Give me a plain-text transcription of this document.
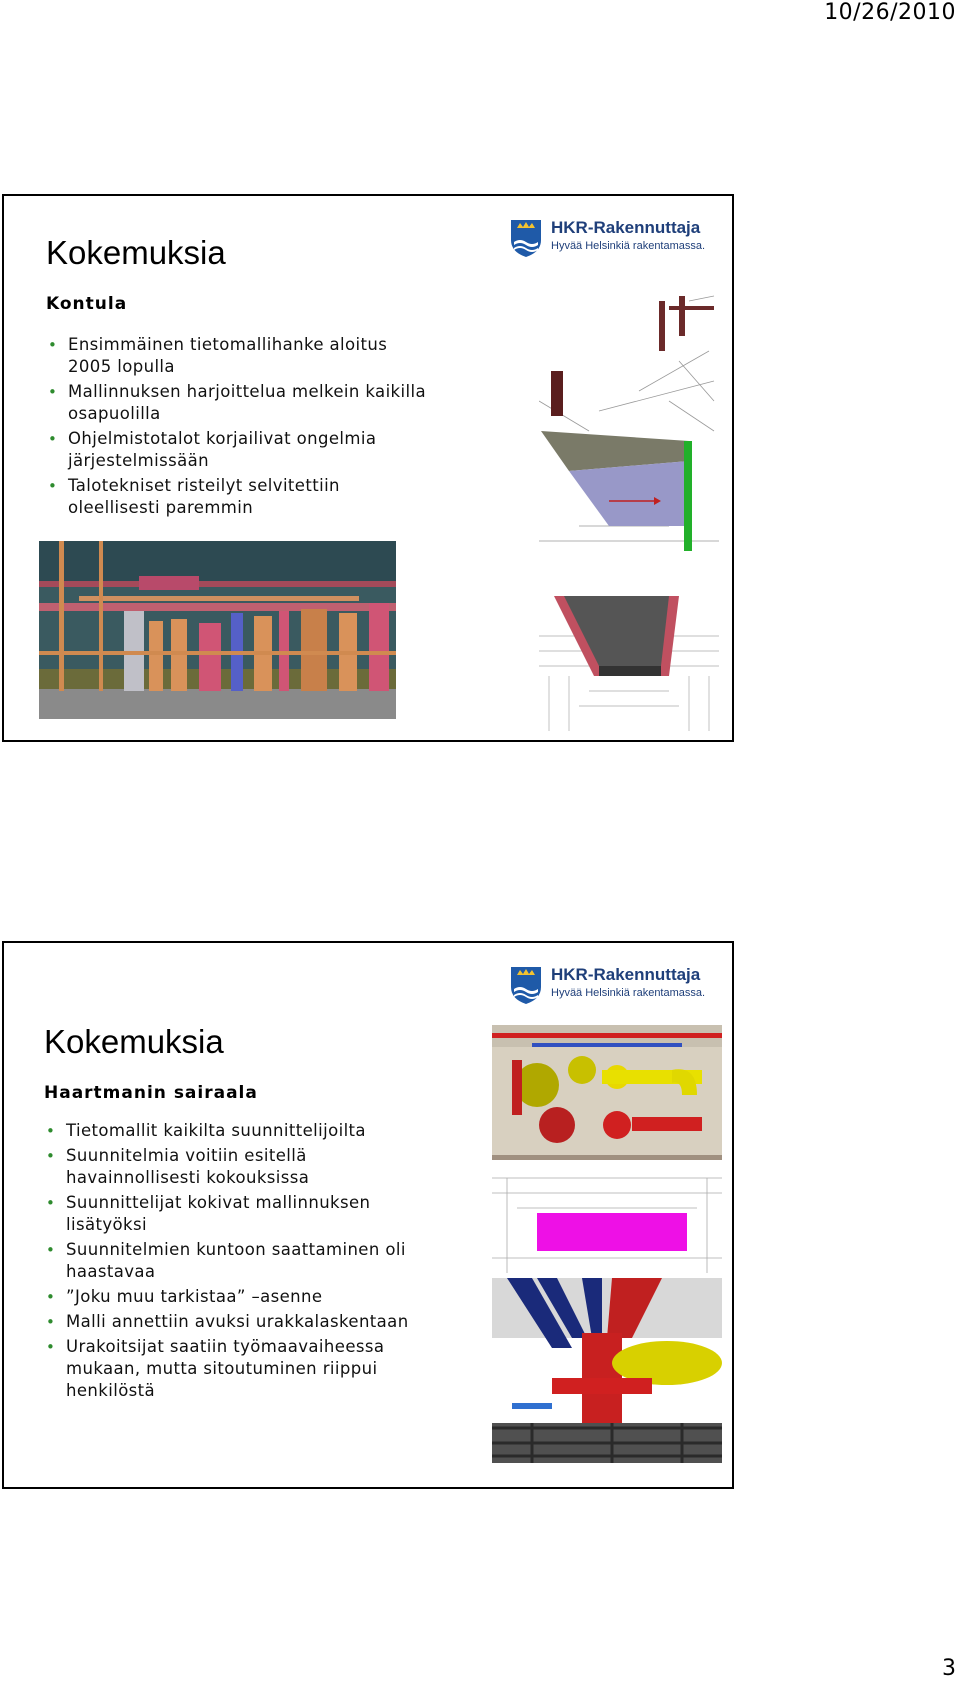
10/26/2010
HKR-Rakennuttaja
Hyvää Helsinkiä rakentamassa.
Kokemuksia
Kontula
• Ensimmäinen tietomallihanke aloitus 2005 lopulla
• Mallinnuksen harjoittelua melkein kaikilla osapuolilla
• Ohjelmistotalot korjailivat ongelmia järjestelmissään
• Talotekniset risteilyt selvitettiin oleellisesti paremmin
HKR-Rakennuttaja
Hyvää Helsinkiä rakentamassa.
Kokemuksia
Haartmanin sairaala
• Tietomallit kaikilta suunnittelijoilta
• Suunnitelmia voitiin esitellä havainnollisesti kokouksissa
• Suunnittelijat kokivat mallinnuksen lisätyöksi
• Suunnitelmien kuntoon saattaminen oli haastavaa
• ”Joku muu tarkistaa” –asenne
• Malli annettiin avuksi urakkalaskentaan
• Urakoitsijat saatiin työmaavaiheessa mukaan, mutta sitoutuminen riippui henkilöstä
3
